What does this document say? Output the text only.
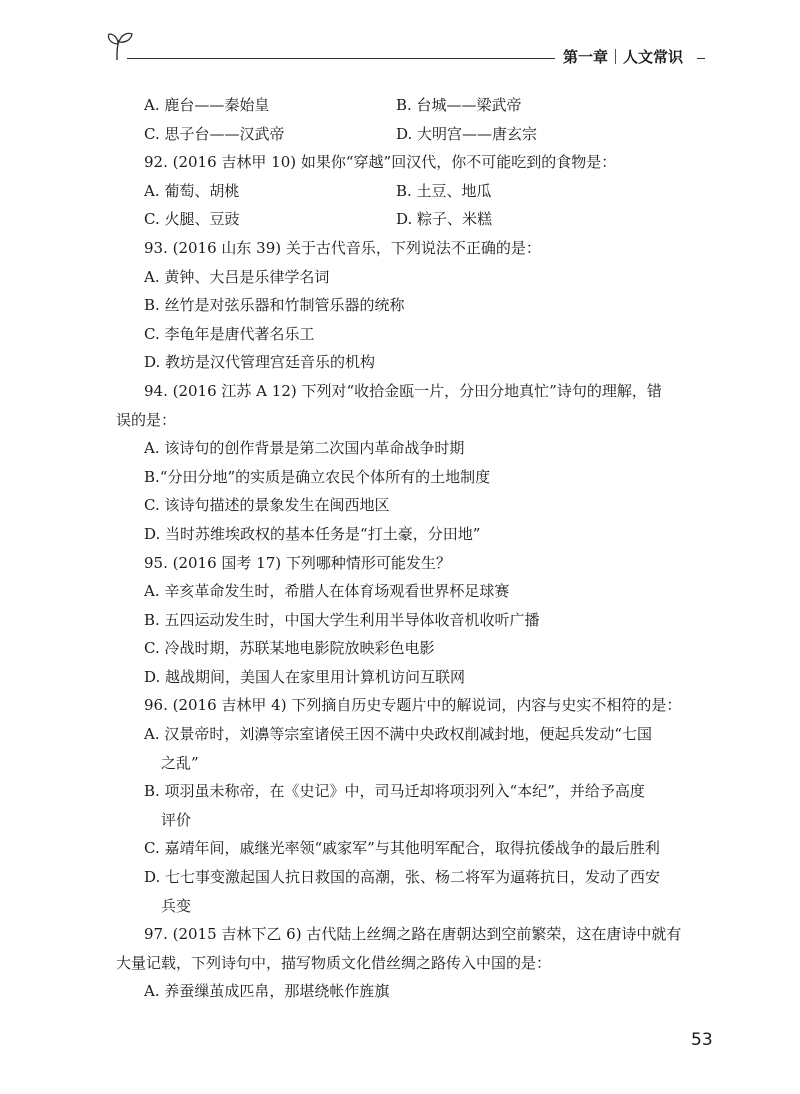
第一章 人文常识
A. 鹿台——秦始皇	B. 台城——梁武帝
C. 思子台——汉武帝	D. 大明宫——唐玄宗
92. (2016 吉林甲 10) 如果你“穿越”回汉代，你不可能吃到的食物是：
A. 葡萄、胡桃	B. 土豆、地瓜
C. 火腿、豆豉	D. 粽子、米糕
93. (2016 山东 39) 关于古代音乐，下列说法不正确的是：
A. 黄钟、大吕是乐律学名词
B. 丝竹是对弦乐器和竹制管乐器的统称
C. 李龟年是唐代著名乐工
D. 教坊是汉代管理宫廷音乐的机构
94. (2016 江苏 A 12) 下列对“收拾金瓯一片，分田分地真忙”诗句的理解，错
误的是：
A. 该诗句的创作背景是第二次国内革命战争时期
B.“分田分地”的实质是确立农民个体所有的土地制度
C. 该诗句描述的景象发生在闽西地区
D. 当时苏维埃政权的基本任务是“打土豪，分田地”
95. (2016 国考 17) 下列哪种情形可能发生？
A. 辛亥革命发生时，希腊人在体育场观看世界杯足球赛
B. 五四运动发生时，中国大学生利用半导体收音机收听广播
C. 冷战时期，苏联某地电影院放映彩色电影
D. 越战期间，美国人在家里用计算机访问互联网
96. (2016 吉林甲 4) 下列摘自历史专题片中的解说词，内容与史实不相符的是：
A. 汉景帝时，刘濞等宗室诸侯王因不满中央政权削减封地，便起兵发动“七国
之乱”
B. 项羽虽未称帝，在《史记》中，司马迁却将项羽列入“本纪”，并给予高度
评价
C. 嘉靖年间，戚继光率领“戚家军”与其他明军配合，取得抗倭战争的最后胜利
D. 七七事变激起国人抗日救国的高潮，张、杨二将军为逼蒋抗日，发动了西安
兵变
97. (2015 吉林下乙 6) 古代陆上丝绸之路在唐朝达到空前繁荣，这在唐诗中就有
大量记载，下列诗句中，描写物质文化借丝绸之路传入中国的是：
A. 养蚕缫茧成匹帛，那堪绕帐作旌旗
53
